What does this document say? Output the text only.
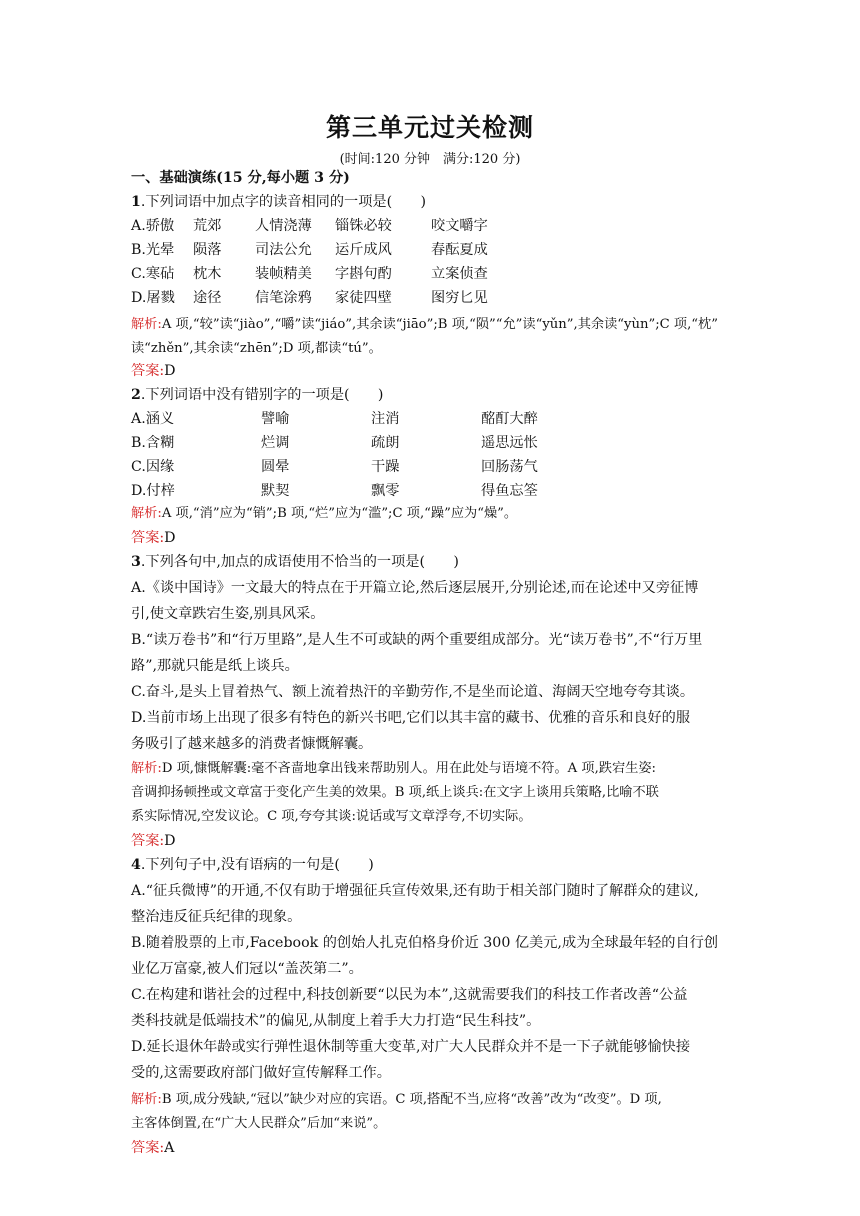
第三单元过关检测
(时间:120 分钟　满分:120 分)
一、基础演练(15 分,每小题 3 分)
1.下列词语中加点字的读音相同的一项是(　　)
A.骄傲 荒郊 人情浇薄 锱铢必较	咬文嚼字
B.光晕 陨落 司法公允 运斤成风	春酝夏成
C.寒砧 枕木 装帧精美 字斟句酌	立案侦查
D.屠戮 途径 信笔涂鸦 家徒四壁	图穷匕见
解析:A 项,“较”读“jiào”,“嚼”读“jiáo”,其余读“jiāo”;B 项,“陨”“允”读“yǔn”,其余读“yùn”;C 项,“枕”
读“zhěn”,其余读“zhēn”;D 项,都读“tú”。
答案:D
2.下列词语中没有错别字的一项是(　　)
A.涵义	譬喻	注消	酩酊大醉
B.含糊	烂调	疏朗	遥思远怅
C.因缘	圆晕	干躁	回肠荡气
D.付梓	默契	飘零	得鱼忘筌
解析:A 项,“消”应为“销”;B 项,“烂”应为“滥”;C 项,“躁”应为“燥”。
答案:D
3.下列各句中,加点的成语使用不恰当的一项是(　　)
A.《谈中国诗》一文最大的特点在于开篇立论,然后逐层展开,分别论述,而在论述中又旁征博
引,使文章跌宕生姿,别具风采。
B.“读万卷书”和“行万里路”,是人生不可或缺的两个重要组成部分。光“读万卷书”,不“行万里
路”,那就只能是纸上谈兵。
C.奋斗,是头上冒着热气、额上流着热汗的辛勤劳作,不是坐而论道、海阔天空地夸夸其谈。
D.当前市场上出现了很多有特色的新兴书吧,它们以其丰富的藏书、优雅的音乐和良好的服
务吸引了越来越多的消费者慷慨解囊。
解析:D 项,慷慨解囊:毫不吝啬地拿出钱来帮助别人。用在此处与语境不符。A 项,跌宕生姿:
音调抑扬顿挫或文章富于变化产生美的效果。B 项,纸上谈兵:在文字上谈用兵策略,比喻不联
系实际情况,空发议论。C 项,夸夸其谈:说话或写文章浮夸,不切实际。
答案:D
4.下列句子中,没有语病的一句是(　　)
A.“征兵微博”的开通,不仅有助于增强征兵宣传效果,还有助于相关部门随时了解群众的建议,
整治违反征兵纪律的现象。
B.随着股票的上市,Facebook 的创始人扎克伯格身价近 300 亿美元,成为全球最年轻的自行创
业亿万富豪,被人们冠以“盖茨第二”。
C.在构建和谐社会的过程中,科技创新要“以民为本”,这就需要我们的科技工作者改善“公益
类科技就是低端技术”的偏见,从制度上着手大力打造“民生科技”。
D.延长退休年龄或实行弹性退休制等重大变革,对广大人民群众并不是一下子就能够愉快接
受的,这需要政府部门做好宣传解释工作。
解析:B 项,成分残缺,“冠以”缺少对应的宾语。C 项,搭配不当,应将“改善”改为“改变”。D 项,
主客体倒置,在“广大人民群众”后加“来说”。
答案:A
